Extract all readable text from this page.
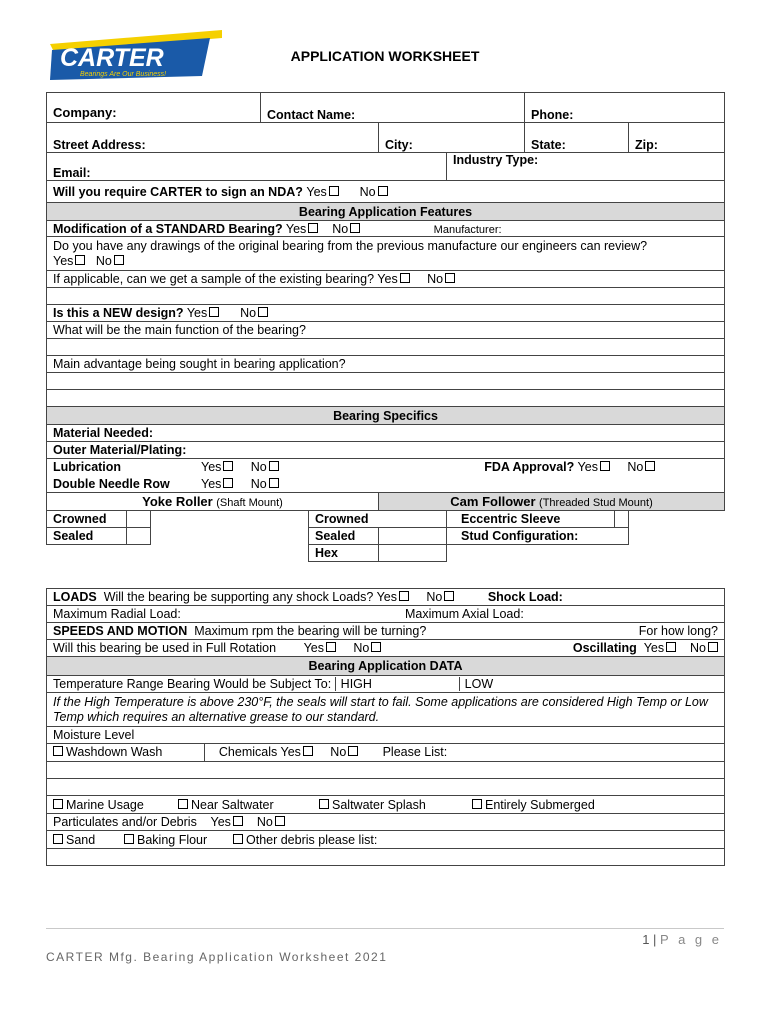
CARTER
Bearings Are Our Business!
APPLICATION WORKSHEET
Company:			Contact Name:				Phone:		
Street Address:					City:		State:		Zip:
Email:						Industry Type:			
Will you require CARTER to sign an NDA? Yes No									
Bearing Application Features									
Modification of a STANDARD Bearing? Yes No Manufacturer:									
Do you have any drawings of the original bearing from the previous manufacture our engineers can review?
Yes No									
If applicable, can we get a sample of the existing bearing? Yes No									

Is this a NEW design? Yes No									
What will be the main function of the bearing?									

Main advantage being sought in bearing application?									

Bearing Specifics									
Material Needed:									
Outer Material/Plating:									
Lubrication Yes No FDA Approval? Yes No									
Double Needle Row Yes No									
Yoke Roller (Shaft Mount)					Cam Follower (Threaded Stud Mount)				
Crowned				Crowned		Eccentric Sleeve			
Sealed				Sealed		Stud Configuration:			
				Hex					
LOADS Will the bearing be supporting any shock Loads? Yes No	Shock Load:
Maximum Radial Load:	Maximum Axial Load:
SPEEDS AND MOTION Maximum rpm the bearing will be turning?	For how long?

Will this bearing be used in Full Rotation Yes No	Oscillating Yes No

Bearing Application DATA
Temperature Range Bearing Would be Subject To: HIGH	LOW
If the High Temperature is above 230°F, the seals will start to fail. Some applications are considered High Temp or Low Temp which requires an alternative grease to our standard.
Moisture Level
Washdown Wash	Chemicals Yes No	Please List:

Marine Usage	Near Saltwater	Saltwater Splash	Entirely Submerged
Particulates and/or Debris Yes No
Sand	Baking Flour	Other debris please list:

1 | P a g e
CARTER Mfg. Bearing Application Worksheet 2021
